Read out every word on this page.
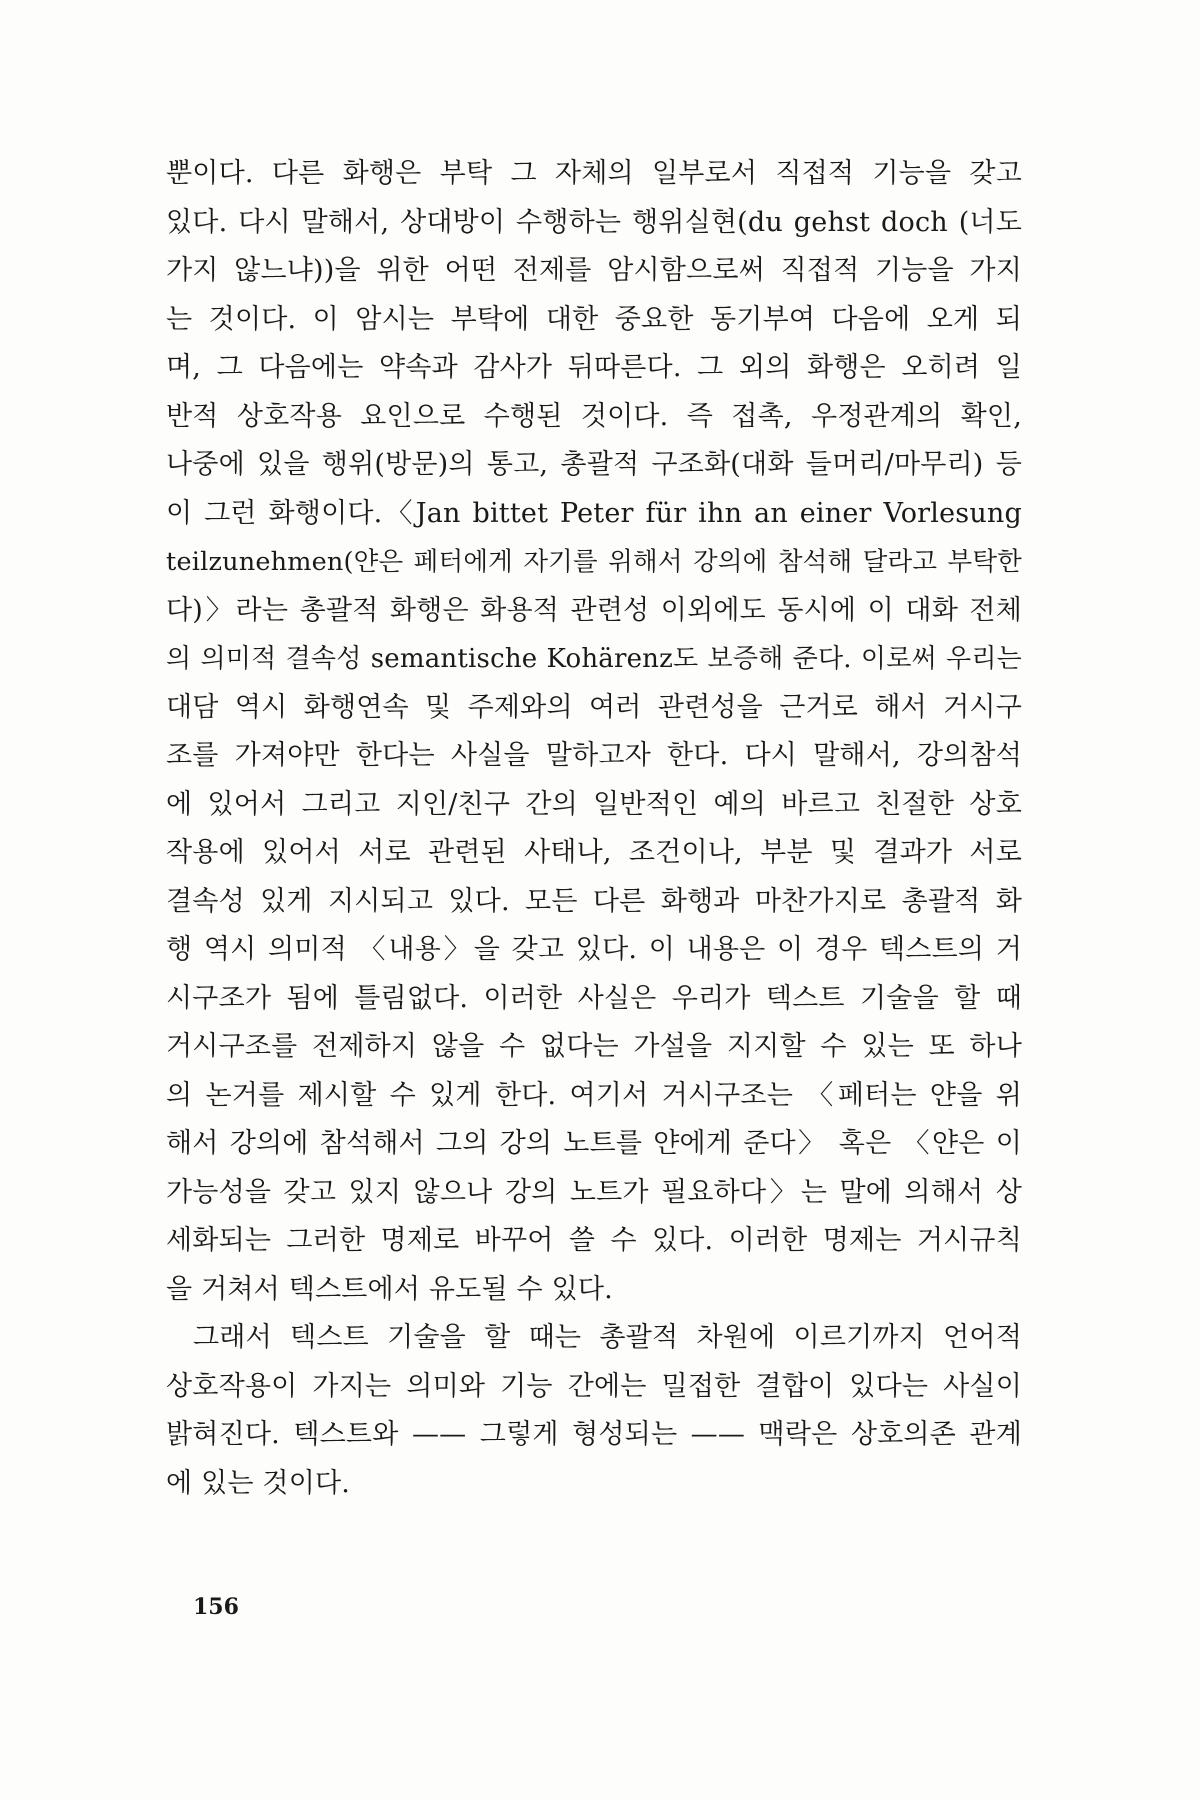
뿐이다. 다른 화행은 부탁 그 자체의 일부로서 직접적 기능을 갖고
있다. 다시 말해서, 상대방이 수행하는 행위실현(du gehst doch (너도
가지 않느냐))을 위한 어떤 전제를 암시함으로써 직접적 기능을 가지
는 것이다. 이 암시는 부탁에 대한 중요한 동기부여 다음에 오게 되
며, 그 다음에는 약속과 감사가 뒤따른다. 그 외의 화행은 오히려 일
반적 상호작용 요인으로 수행된 것이다. 즉 접촉, 우정관계의 확인,
나중에 있을 행위(방문)의 통고, 총괄적 구조화(대화 들머리/마무리) 등
이 그런 화행이다.〈Jan bittet Peter für ihn an einer Vorlesung
teilzunehmen(얀은 페터에게 자기를 위해서 강의에 참석해 달라고 부탁한
다)〉라는 총괄적 화행은 화용적 관련성 이외에도 동시에 이 대화 전체
의 의미적 결속성 semantische Kohärenz도 보증해 준다. 이로써 우리는
대담 역시 화행연속 및 주제와의 여러 관련성을 근거로 해서 거시구
조를 가져야만 한다는 사실을 말하고자 한다. 다시 말해서, 강의참석
에 있어서 그리고 지인/친구 간의 일반적인 예의 바르고 친절한 상호
작용에 있어서 서로 관련된 사태나, 조건이나, 부분 및 결과가 서로
결속성 있게 지시되고 있다. 모든 다른 화행과 마찬가지로 총괄적 화
행 역시 의미적 〈내용〉을 갖고 있다. 이 내용은 이 경우 텍스트의 거
시구조가 됨에 틀림없다. 이러한 사실은 우리가 텍스트 기술을 할 때
거시구조를 전제하지 않을 수 없다는 가설을 지지할 수 있는 또 하나
의 논거를 제시할 수 있게 한다. 여기서 거시구조는 〈페터는 얀을 위
해서 강의에 참석해서 그의 강의 노트를 얀에게 준다〉 혹은 〈얀은 이
가능성을 갖고 있지 않으나 강의 노트가 필요하다〉는 말에 의해서 상
세화되는 그러한 명제로 바꾸어 쓸 수 있다. 이러한 명제는 거시규칙
을 거쳐서 텍스트에서 유도될 수 있다.
그래서 텍스트 기술을 할 때는 총괄적 차원에 이르기까지 언어적
상호작용이 가지는 의미와 기능 간에는 밀접한 결합이 있다는 사실이
밝혀진다. 텍스트와 —— 그렇게 형성되는 —— 맥락은 상호의존 관계
에 있는 것이다.
156
